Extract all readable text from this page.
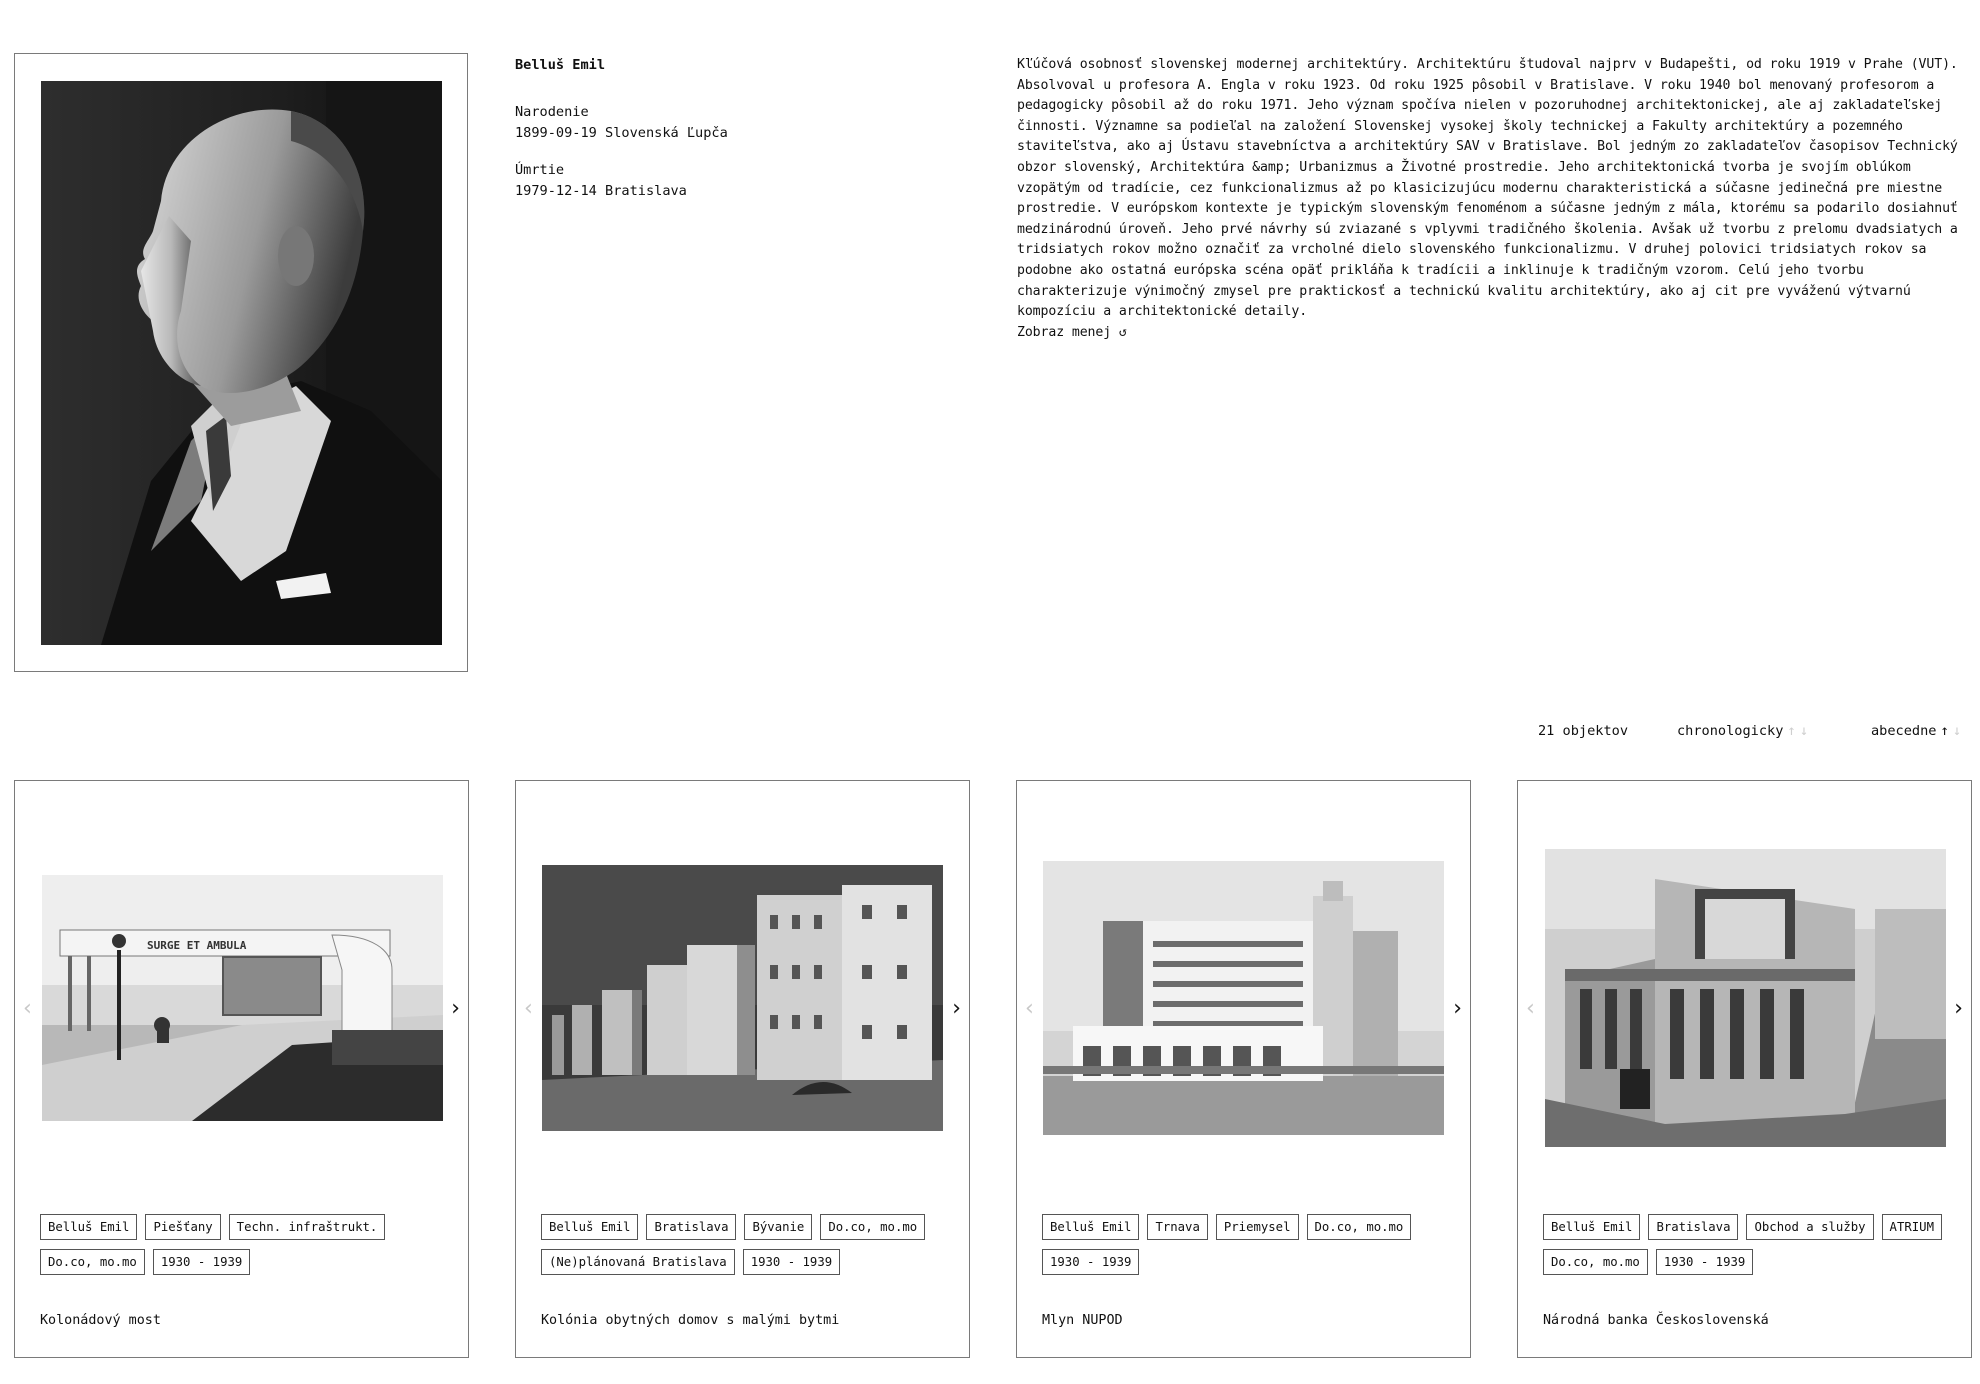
Belluš Emil
Narodenie
1899-09-19 Slovenská Ľupča
Úmrtie
1979-12-14 Bratislava
Kľúčová osobnosť slovenskej modernej architektúry. Architektúru študoval najprv v Budapešti, od roku 1919 v Prahe (VUT). Absolvoval u profesora A. Engla v roku 1923. Od roku 1925 pôsobil v Bratislave. V roku 1940 bol menovaný profesorom a pedagogicky pôsobil až do roku 1971. Jeho význam spočíva nielen v pozoruhodnej architektonickej, ale aj zakladateľskej činnosti. Významne sa podieľal na založení Slovenskej vysokej školy technickej a Fakulty architektúry a pozemného staviteľstva, ako aj Ústavu stavebníctva a architektúry SAV v Bratislave. Bol jedným zo zakladateľov časopisov Technický obzor slovenský, Architektúra &amp; Urbanizmus a Životné prostredie. Jeho architektonická tvorba je svojím oblúkom vzopätým od tradície, cez funkcionalizmus až po klasicizujúcu modernu charakteristická a súčasne jedinečná pre miestne prostredie. V európskom kontexte je typickým slovenským fenoménom a súčasne jedným z mála, ktorému sa podarilo dosiahnuť medzinárodnú úroveň. Jeho prvé návrhy sú zviazané s vplyvmi tradičného školenia. Avšak už tvorbu z prelomu dvadsiatych a tridsiatych rokov možno označiť za vrcholné dielo slovenského funkcionalizmu. V druhej polovici tridsiatych rokov sa podobne ako ostatná európska scéna opäť prikláňa k tradícii a inklinuje k tradičným vzorom. Celú jeho tvorbu charakterizuje výnimočný zmysel pre praktickosť a technickú kvalitu architektúry, ako aj cit pre vyváženú výtvarnú kompozíciu a architektonické detaily.
Zobraz menej ↺
21 objektov	chronologicky ↑ ↓	abecedne ↑ ↓
SURGE ET AMBULA
‹	›
Belluš Emil	Piešťany	Techn. infraštrukt.
Do.co, mo.mo	1930 - 1939
Kolonádový most
‹	›
Belluš Emil	Bratislava	Bývanie	Do.co, mo.mo
(Ne)plánovaná Bratislava	1930 - 1939
Kolónia obytných domov s malými bytmi
‹	›
Belluš Emil	Trnava	Priemysel	Do.co, mo.mo
1930 - 1939
Mlyn NUPOD
‹	›
Belluš Emil	Bratislava	Obchod a služby	ATRIUM
Do.co, mo.mo	1930 - 1939
Národná banka Československá
